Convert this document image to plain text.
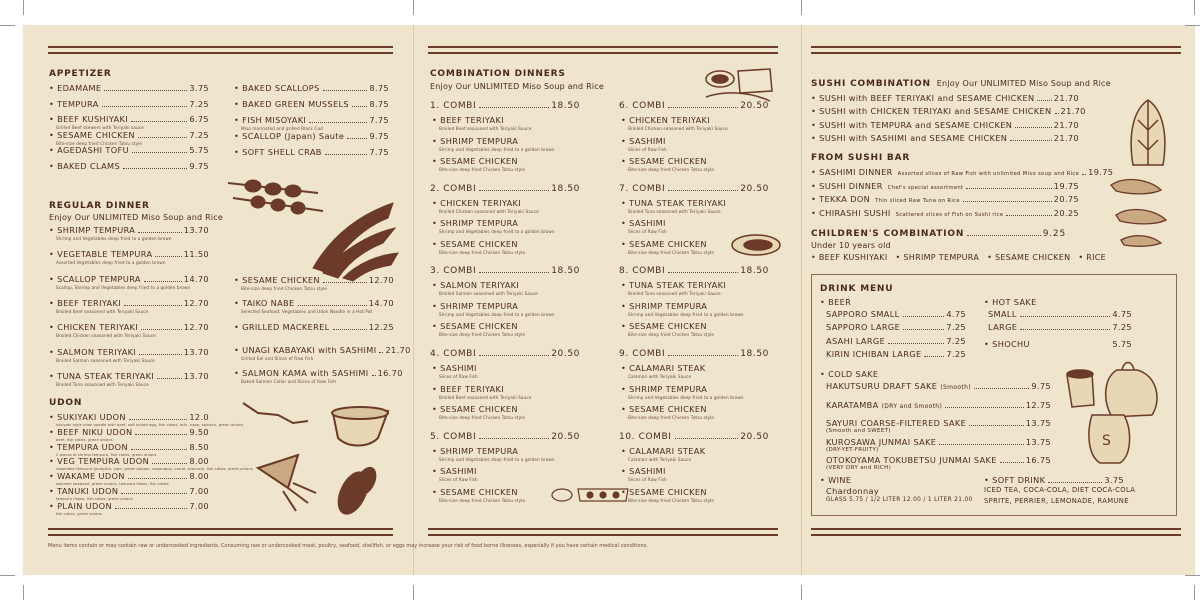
APPETIZER
• EDAMAME	3.75
• TEMPURA	7.25
• BEEF KUSHIYAKI	6.75
Grilled Beef skewers with Teriyaki sauce
• SESAME CHICKEN	7.25
Bite-size deep fried Chicken Tatsu style
• AGEDASHI TOFU	5.75
• BAKED CLAMS	9.75
• BAKED SCALLOPS	8.75
• BAKED GREEN MUSSELS 8.75
• FISH MISOYAKI	7.75
Miso marinated and grilled Black Cod
• SCALLOP (Japan) Saute	9.75
• SOFT SHELL CRAB	7.75
REGULAR DINNER
Enjoy Our UNLIMITED Miso Soup and Rice
• SHRIMP TEMPURA	13.70
Shrimp and Vegetables deep fried to a golden brown
• VEGETABLE TEMPURA	11.50
Assorted Vegetables deep fried to a golden brown
• SCALLOP TEMPURA	14.70
Scallop, Shrimp and Vegetables deep fried to a golden brown
• BEEF TERIYAKI	12.70
Broiled Beef seasoned with Teriyaki Sauce
• CHICKEN TERIYAKI	12.70
Broiled Chicken seasoned with Teriyaki Sauce
• SALMON TERIYAKI	13.70
Broiled Salmon seasoned with Teriyaki Sauce
• TUNA STEAK TERIYAKI	13.70
Broiled Tuna seasoned with Teriyaki Sauce
• SESAME CHICKEN	12.70
Bite-size deep fried Chicken Tatsu style
• TAIKO NABE	14.70
Selected Seafood, Vegetables and Udon Noodle in a Hot Pot
• GRILLED MACKEREL	12.25
• UNAGI KABAYAKI with SASHIMI 21.70
Grilled Eel and Slices of Raw Fish
• SALMON KAMA with SASHIMI 16.70
Baked Salmon Collar and Slices of Raw Fish
UDON
• SUKIYAKI UDON	12.0
sukiyaki style udon noodle with beef, soft boiled egg, fish cakes, tofu, napa, spinach, green onions
• BEEF NIKU UDON	9.50
beef, fish cakes, green onions
• TEMPURA UDON	8.50
2 pieces of shrimp tempura, fish cakes, green onions
• VEG TEMPURA UDON	8.00
vegetable tempura (pumpkin, yam, green pepper, asparagus, carrot, broccoli), fish cakes, green onions
• WAKAME UDON	8.00
wakame seaweed, green onions, tempura flakes, fish cakes
• TANUKI UDON	7.00
tempura flakes, fish cakes, green onions
• PLAIN UDON	7.00
fish cakes, green onions
COMBINATION DINNERS
Enjoy Our UNLIMITED Miso Soup and Rice
1. COMBI	18.50
• BEEF TERIYAKI
Broiled Beef seasoned with Teriyaki Sauce
• SHRIMP TEMPURA
Shrimp and Vegetables deep fried to a golden brown
• SESAME CHICKEN
Bite-size deep fried Chicken Tatsu style
2. COMBI	18.50
• CHICKEN TERIYAKI
Broiled Chicken seasoned with Teriyaki Sauce
• SHRIMP TEMPURA
Shrimp and Vegetables deep fried to a golden brown
• SESAME CHICKEN
Bite-size deep fried Chicken Tatsu style
3. COMBI	18.50
• SALMON TERIYAKI
Broiled Salmon seasoned with Teriyaki Sauce
• SHRIMP TEMPURA
Shrimp and Vegetables deep fried to a golden brown
• SESAME CHICKEN
Bite-size deep fried Chicken Tatsu style
4. COMBI	20.50
• SASHIMI
Slices of Raw Fish
• BEEF TERIYAKI
Broiled Beef seasoned with Teriyaki Sauce
• SESAME CHICKEN
Bite-size deep fried Chicken Tatsu style
5. COMBI	20.50
• SHRIMP TEMPURA
Shrimp and Vegetables deep fried to a golden brown
• SASHIMI
Slices of Raw Fish
• SESAME CHICKEN
Bite-size deep fried Chicken Tatsu style
6. COMBI	20.50
• CHICKEN TERIYAKI
Broiled Chicken seasoned with Teriyaki Sauce
• SASHIMI
Slices of Raw Fish
• SESAME CHICKEN
Bite-size deep fried Chicken Tatsu style
7. COMBI	20.50
• TUNA STEAK TERIYAKI
Broiled Tuna seasoned with Teriyaki Sauce
• SASHIMI
Slices of Raw Fish
• SESAME CHICKEN
Bite-size deep fried Chicken Tatsu style
8. COMBI	18.50
• TUNA STEAK TERIYAKI
Broiled Tuna seasoned with Teriyaki Sauce
• SHRIMP TEMPURA
Shrimp and Vegetables deep fried to a golden brown
• SESAME CHICKEN
Bite-size deep fried Chicken Tatsu style
9. COMBI	18.50
• CALAMARI STEAK
Calamari with Teriyaki Sauce
• SHRIMP TEMPURA
Shrimp and Vegetables deep fried to a golden brown
• SESAME CHICKEN
Bite-size deep fried Chicken Tatsu style
10. COMBI	20.50
• CALAMARI STEAK
Calamari with Teriyaki Sauce
• SASHIMI
Slices of Raw Fish
• SESAME CHICKEN
Bite-size deep fried Chicken Tatsu style
SUSHI COMBINATION Enjoy Our UNLIMITED Miso Soup and Rice
• SUSHI with BEEF TERIYAKI and SESAME CHICKEN 21.70
• SUSHI with CHICKEN TERIYAKI and SESAME CHICKEN 21.70
• SUSHI with TEMPURA and SESAME CHICKEN	21.70
• SUSHI with SASHIMI and SESAME CHICKEN	21.70
FROM SUSHI BAR
• SASHIMI DINNER Assorted slices of Raw Fish with unlimited Miso soup and Rice 19.75
• SUSHI DINNER Chef's special assortment	19.75
• TEKKA DON Thin sliced Raw Tuna on Rice	20.75
• CHIRASHI SUSHI Scattered slices of Fish on Sushi rice	20.25
CHILDREN'S COMBINATION	9.25
Under 10 years old
• BEEF KUSHIYAKI • SHRIMP TEMPURA • SESAME CHICKEN • RICE
DRINK MENU
• BEER
SAPPORO SMALL	4.75
SAPPORO LARGE	7.25
ASAHI LARGE	7.25
KIRIN ICHIBAN LARGE	7.25
• HOT SAKE
SMALL	4.75
LARGE	7.25
• SHOCHU	5.75
• COLD SAKE
HAKUTSURU DRAFT SAKE (Smooth)	9.75
KARATAMBA (DRY and Smooth)	12.75
SAYURI COARSE-FILTERED SAKE	13.75
(Smooth and SWEET)
KUROSAWA JUNMAI SAKE	13.75
(DRY-YET-FRUITY)
OTOKOYAMA TOKUBETSU JUNMAI SAKE	16.75
(VERY DRY and RICH)
• WINE
Chardonnay
GLASS 5.75 / 1/2 LITER 12.00 / 1 LITER 21.00
• SOFT DRINK	3.75
ICED TEA, COCA-COLA, DIET COCA-COLA
SPRITE, PERRIER, LEMONADE, RAMUNE
S
Menu items contain or may contain raw or undercooked ingredients. Consuming raw or undercooked meat, poultry, seafood, shellfish, or eggs may increase your risk of food borne illnesses, especially if you have certain medical conditions.
